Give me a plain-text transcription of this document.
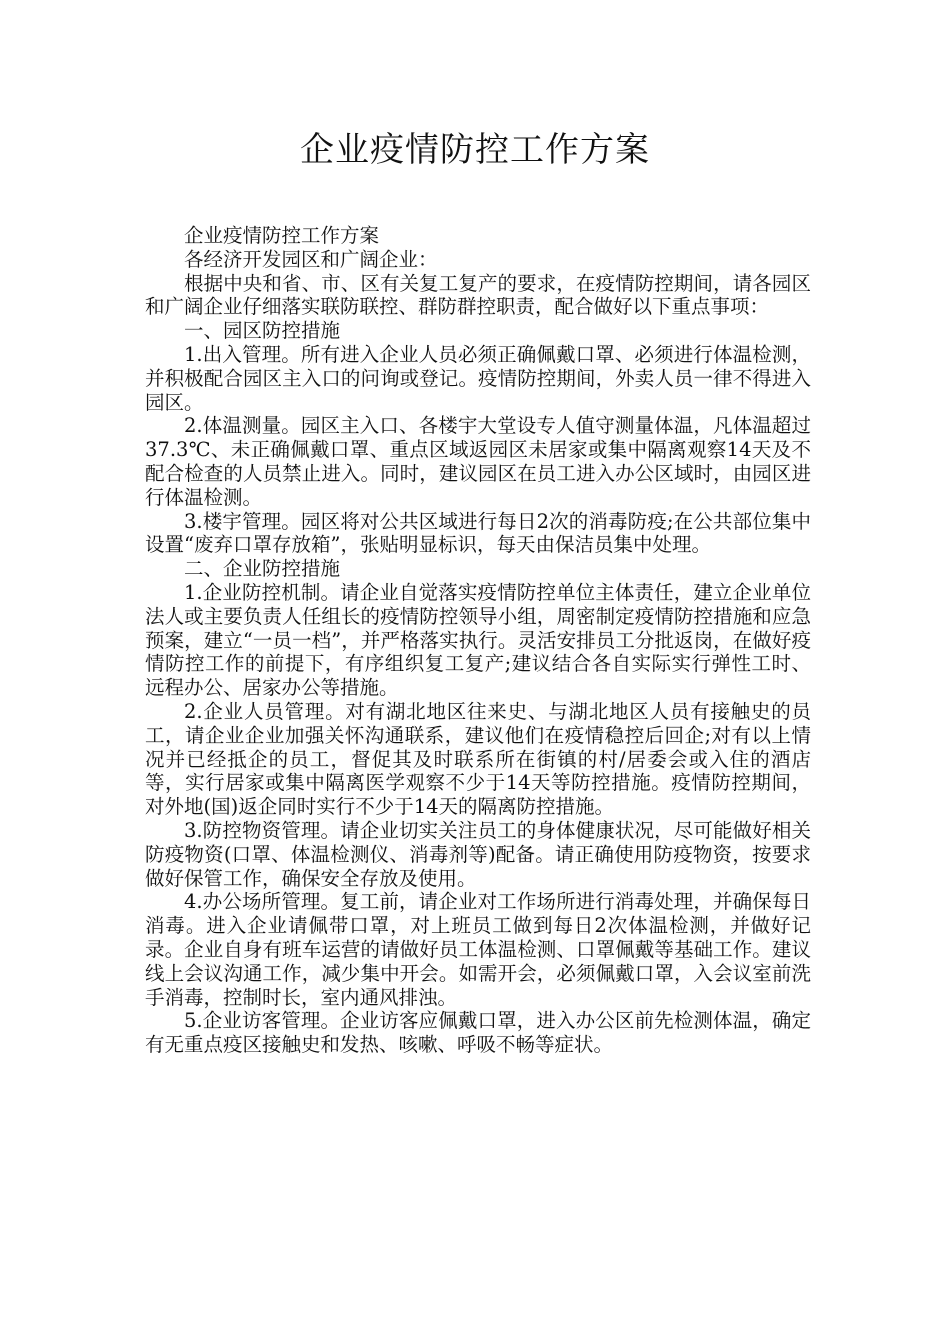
企业疫情防控工作方案

企业疫情防控工作方案

各经济开发园区和广阔企业：

根据中央和省、市、区有关复工复产的要求，在疫情防控期间，请各园区和广阔企业仔细落实联防联控、群防群控职责，配合做好以下重点事项：

一、园区防控措施

1.出入管理。所有进入企业人员必须正确佩戴口罩、必须进行体温检测，并积极配合园区主入口的问询或登记。疫情防控期间，外卖人员一律不得进入园区。

2.体温测量。园区主入口、各楼宇大堂设专人值守测量体温，凡体温超过37.3℃、未正确佩戴口罩、重点区域返园区未居家或集中隔离观察14天及不配合检查的人员禁止进入。同时，建议园区在员工进入办公区域时，由园区进行体温检测。

3.楼宇管理。园区将对公共区域进行每日2次的消毒防疫;在公共部位集中设置“废弃口罩存放箱”，张贴明显标识，每天由保洁员集中处理。

二、企业防控措施

1.企业防控机制。请企业自觉落实疫情防控单位主体责任，建立企业单位法人或主要负责人任组长的疫情防控领导小组，周密制定疫情防控措施和应急预案，建立“一员一档”，并严格落实执行。灵活安排员工分批返岗，在做好疫情防控工作的前提下，有序组织复工复产;建议结合各自实际实行弹性工时、远程办公、居家办公等措施。

2.企业人员管理。对有湖北地区往来史、与湖北地区人员有接触史的员工，请企业企业加强关怀沟通联系，建议他们在疫情稳控后回企;对有以上情况并已经抵企的员工，督促其及时联系所在街镇的村/居委会或入住的酒店等，实行居家或集中隔离医学观察不少于14天等防控措施。疫情防控期间，对外地(国)返企同时实行不少于14天的隔离防控措施。

3.防控物资管理。请企业切实关注员工的身体健康状况，尽可能做好相关防疫物资(口罩、体温检测仪、消毒剂等)配备。请正确使用防疫物资，按要求做好保管工作，确保安全存放及使用。

4.办公场所管理。复工前，请企业对工作场所进行消毒处理，并确保每日消毒。进入企业请佩带口罩，对上班员工做到每日2次体温检测，并做好记录。企业自身有班车运营的请做好员工体温检测、口罩佩戴等基础工作。建议线上会议沟通工作，减少集中开会。如需开会，必须佩戴口罩，入会议室前洗手消毒，控制时长，室内通风排浊。

5.企业访客管理。企业访客应佩戴口罩，进入办公区前先检测体温，确定有无重点疫区接触史和发热、咳嗽、呼吸不畅等症状。
